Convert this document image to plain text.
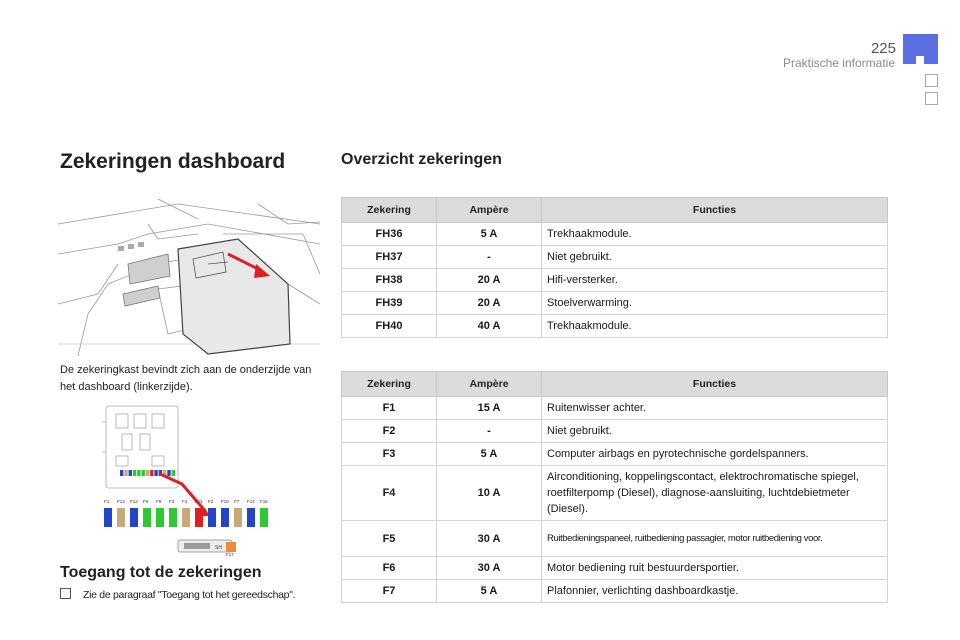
225
Praktische informatie
Zekeringen dashboard
De zekeringkast bevindt zich aan de onderzijde van het dashboard (linkerzijde).
F1 F13 F12 F6 F8 F3 F4 F11 F2 F10 F7 F14 F16
SH
F17
Toegang tot de zekeringen
Zie de paragraaf "Toegang tot het gereedschap".
Overzicht zekeringen
Zekering	Ampère	Functies
FH36	5 A	Trekhaakmodule.
FH37	-	Niet gebruikt.
FH38	20 A	Hifi-versterker.
FH39	20 A	Stoelverwarming.
FH40	40 A	Trekhaakmodule.
Zekering	Ampère	Functies
F1	15 A	Ruitenwisser achter.
F2	-	Niet gebruikt.
F3	5 A	Computer airbags en pyrotechnische gordelspanners.
F4	10 A	Airconditioning, koppelingscontact, elektrochromatische spiegel, roetfilterpomp (Diesel), diagnose-aansluiting, luchtdebietmeter (Diesel).
F5	30 A	Ruitbedieningspaneel, ruitbediening passagier, motor ruitbediening voor.
F6	30 A	Motor bediening ruit bestuurdersportier.
F7	5 A	Plafonnier, verlichting dashboardkastje.
